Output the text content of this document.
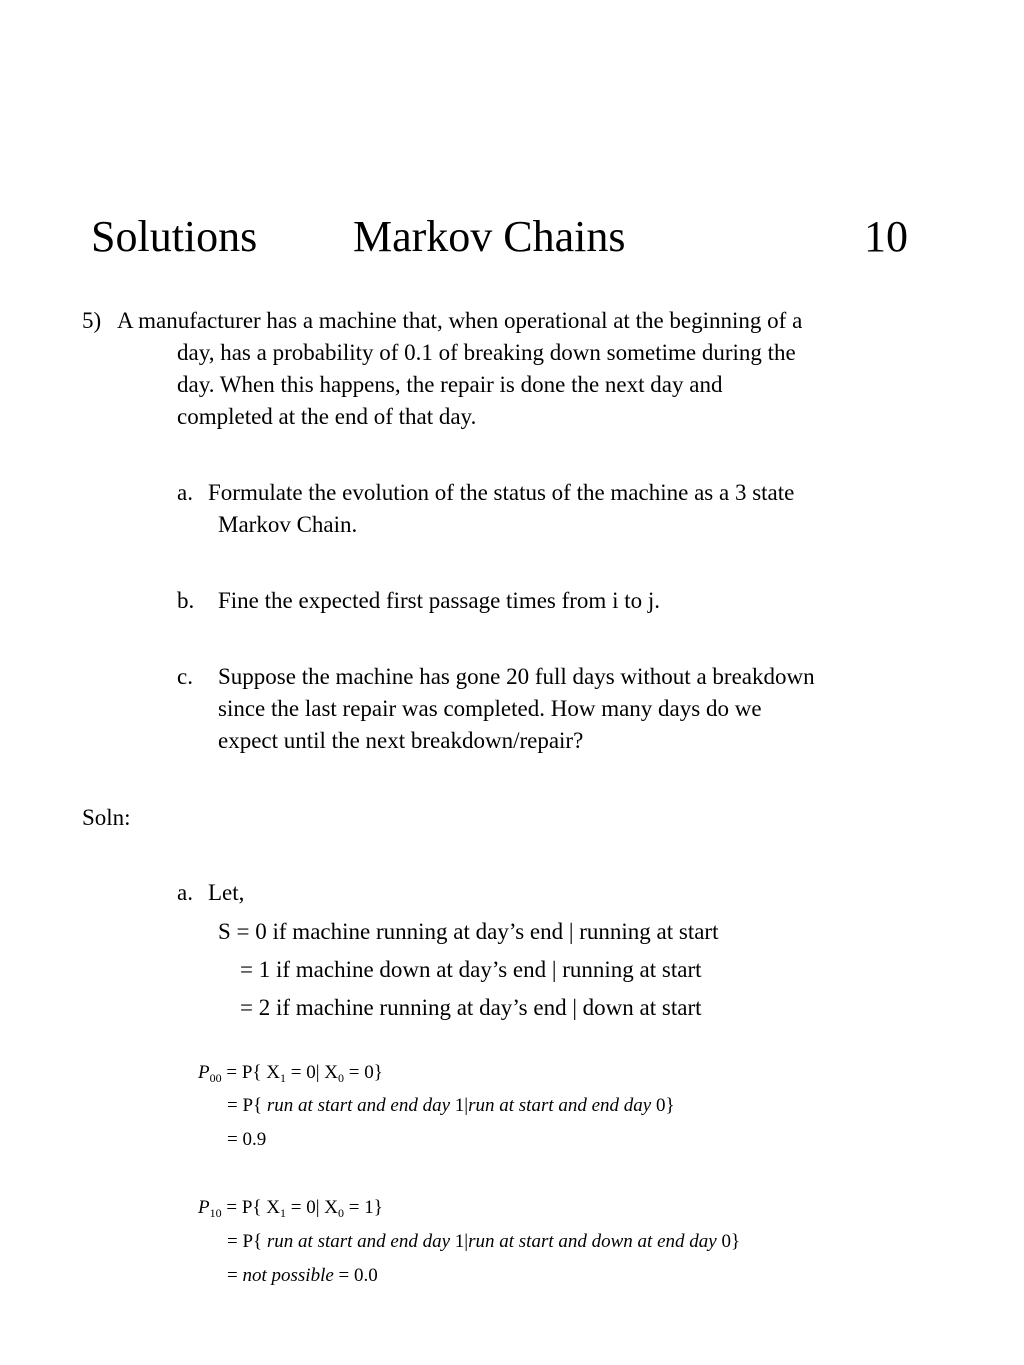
Solutions Markov Chains	10
5) A manufacturer has a machine that, when operational at the beginning of a
day, has a probability of 0.1 of breaking down sometime during the
day. When this happens, the repair is done the next day and
completed at the end of that day.
a. Formulate the evolution of the status of the machine as a 3 state
Markov Chain.
b. Fine the expected first passage times from i to j.
c. Suppose the machine has gone 20 full days without a breakdown
since the last repair was completed. How many days do we
expect until the next breakdown/repair?
Soln:
a. Let,
S = 0 if machine running at day’s end | running at start
= 1 if machine down at day’s end | running at start
= 2 if machine running at day’s end | down at start
$P_{00} = P${ $X_1 = 0|$ $X_0 = 0$}
= P{ run at start and end day 1|run at start and end day 0}
= 0.9
$P_{10} = P${ $X_1 = 0|$ $X_0 = 1$}
= P{ run at start and end day 1|run at start and down at end day 0}
= not possible = 0.0
